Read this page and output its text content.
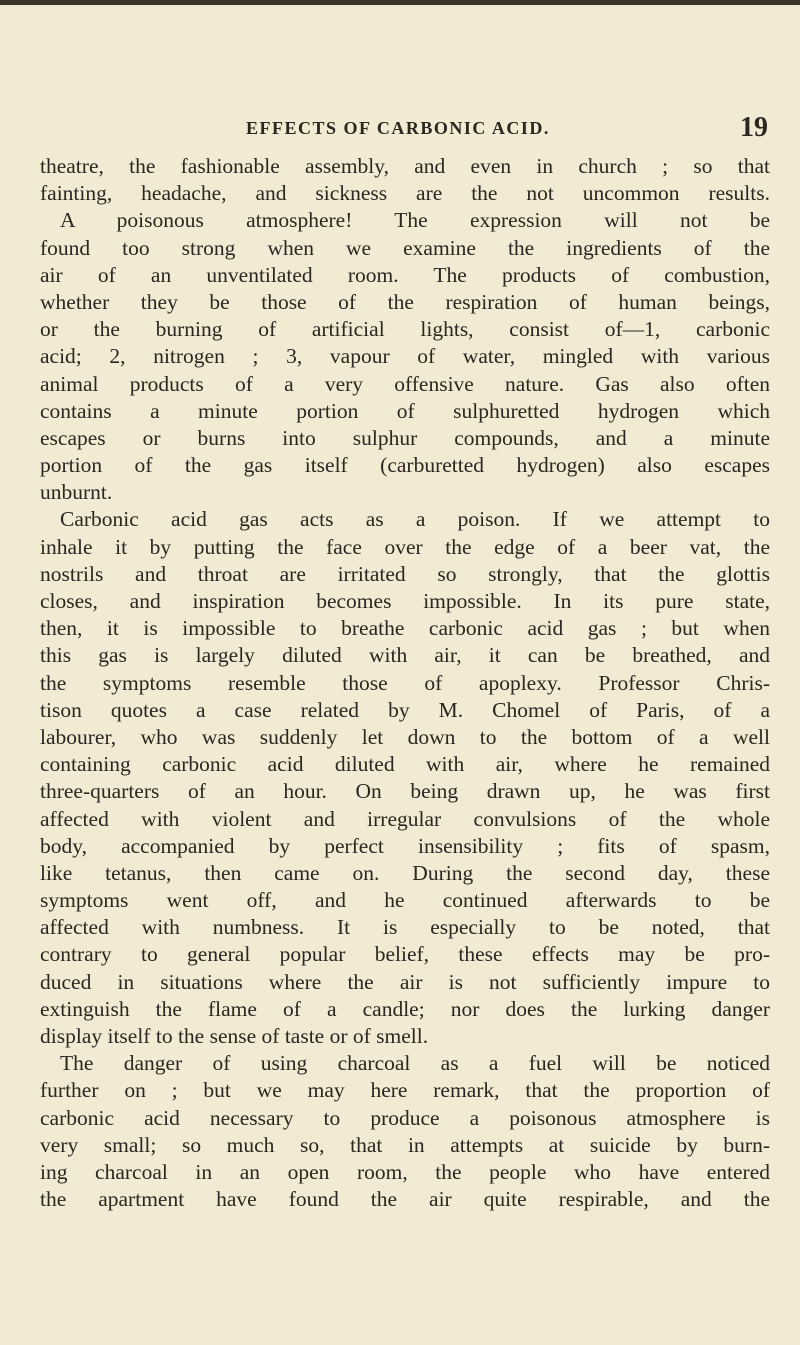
EFFECTS OF CARBONIC ACID.	19
theatre, the fashionable assembly, and even in church ; so that
fainting, headache, and sickness are the not uncommon results.
A poisonous atmosphere! The expression will not be
found too strong when we examine the ingredients of the
air of an unventilated room. The products of combustion,
whether they be those of the respiration of human beings,
or the burning of artificial lights, consist of—1, carbonic
acid; 2, nitrogen ; 3, vapour of water, mingled with various
animal products of a very offensive nature. Gas also often
contains a minute portion of sulphuretted hydrogen which
escapes or burns into sulphur compounds, and a minute
portion of the gas itself (carburetted hydrogen) also escapes
unburnt.
Carbonic acid gas acts as a poison. If we attempt to
inhale it by putting the face over the edge of a beer vat, the
nostrils and throat are irritated so strongly, that the glottis
closes, and inspiration becomes impossible. In its pure state,
then, it is impossible to breathe carbonic acid gas ; but when
this gas is largely diluted with air, it can be breathed, and
the symptoms resemble those of apoplexy. Professor Chris-
tison quotes a case related by M. Chomel of Paris, of a
labourer, who was suddenly let down to the bottom of a well
containing carbonic acid diluted with air, where he remained
three-quarters of an hour. On being drawn up, he was first
affected with violent and irregular convulsions of the whole
body, accompanied by perfect insensibility ; fits of spasm,
like tetanus, then came on. During the second day, these
symptoms went off, and he continued afterwards to be
affected with numbness. It is especially to be noted, that
contrary to general popular belief, these effects may be pro-
duced in situations where the air is not sufficiently impure to
extinguish the flame of a candle; nor does the lurking danger
display itself to the sense of taste or of smell.
The danger of using charcoal as a fuel will be noticed
further on ; but we may here remark, that the proportion of
carbonic acid necessary to produce a poisonous atmosphere is
very small; so much so, that in attempts at suicide by burn-
ing charcoal in an open room, the people who have entered
the apartment have found the air quite respirable, and the
